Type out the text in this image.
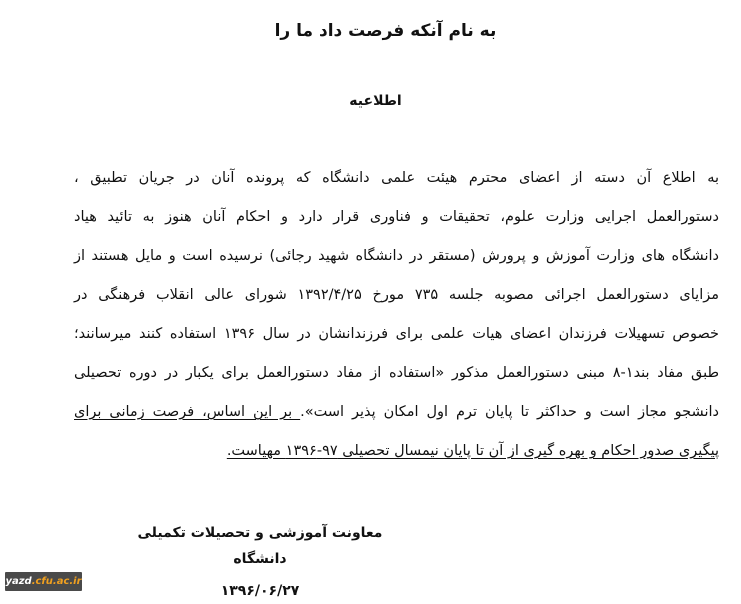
به نام آنکه فرصت داد ما را
اطلاعیه
به اطلاع آن دسته از اعضای محترم هیئت علمی دانشگاه که پرونده آنان در جریان تطبیق ،
دستورالعمل اجرایی وزارت علوم، تحقیقات و فناوری قرار دارد و احکام آنان هنوز به تائید هیاد
دانشگاه های وزارت آموزش و پرورش (مستقر در دانشگاه شهید رجائی) نرسیده است و مایل هستند از
مزایای دستورالعمل اجرائی مصوبه جلسه ۷۳۵ مورخ ۱۳۹۲/۴/۲۵ شورای عالی انقلاب فرهنگی در
خصوص تسهیلات فرزندان اعضای هیات علمی برای فرزندانشان در سال ۱۳۹۶ استفاده کنند میرسانند؛
طبق مفاد بند۱-۸ مبنی دستورالعمل مذکور «استفاده از مفاد دستورالعمل برای یکبار در دوره تحصیلی
دانشجو مجاز است و حداکثر تا پایان ترم اول امکان پذیر است». بر این اساس، فرصت زمانی برای
پیگیری صدور احکام و بهره گیری از آن تا پایان نیمسال تحصیلی ۹۷-۱۳۹۶ مهیاست.
معاونت آموزشی و تحصیلات تکمیلی دانشگاه
۱۳۹۶/۰۶/۲۷
yazd.cfu.ac.ir
